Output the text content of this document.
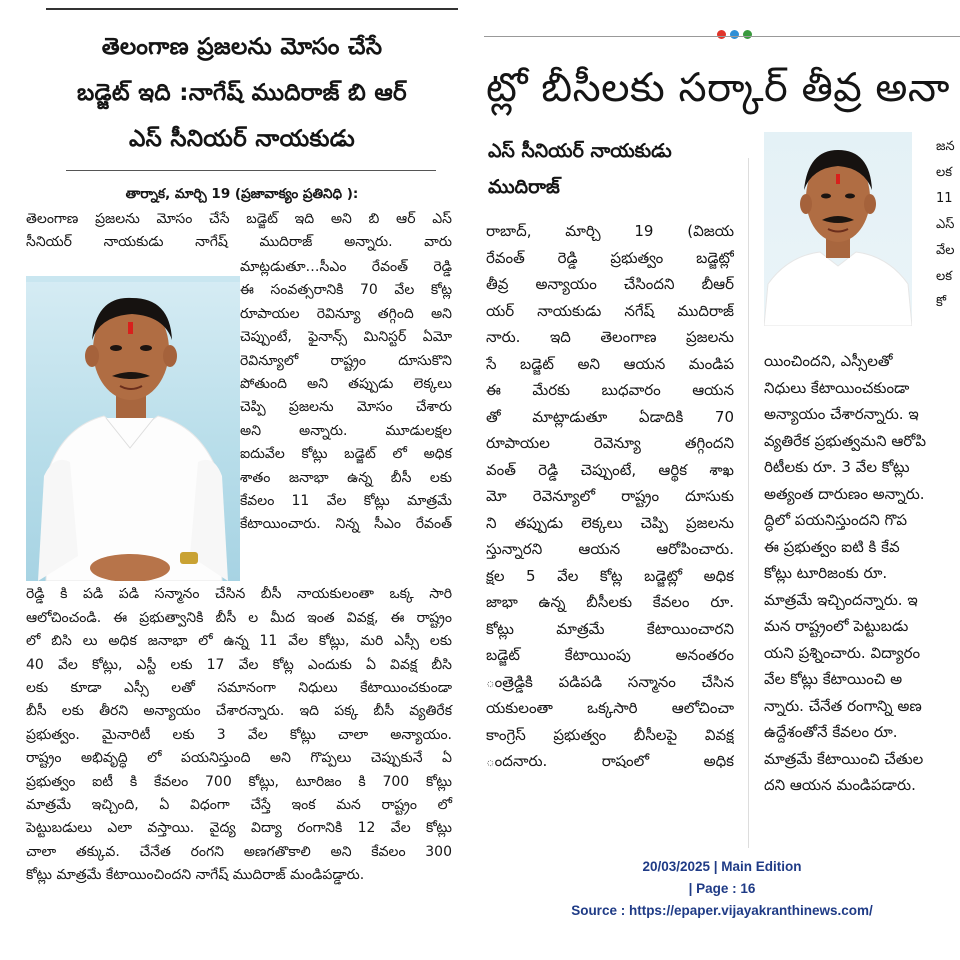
తెలంగాణ ప్రజలను మోసం చేసే
బడ్జెట్ ఇది :నాగేష్ ముదిరాజ్ బి ఆర్
ఎస్ సీనియర్ నాయకుడు
తార్నాక, మార్చి 19 (ప్రజావాక్యం ప్రతినిధి ):
తెలంగాణ ప్రజలను మోసం చేసే బడ్జెట్ ఇది అని బి ఆర్ ఎస్
సీనియర్ నాయకుడు నాగేష్ ముదిరాజ్ అన్నారు. వారు
మాట్లడుతూ…సీఎం రేవంత్ రెడ్డి
ఈ సంవత్సరానికి 70 వేల కోట్ల
రూపాయల రెవిన్యూ తగ్గింది అని
చెప్పుంటే, ఫైనాన్స్ మినిస్టర్ ఏమో
రెవిన్యూలో రాష్ట్రం దూసుకొని
పోతుంది అని తప్పుడు లెక్కలు
చెప్పి ప్రజలను మోసం చేశారు
అని అన్నారు. మూడులక్షల
ఐదువేల కోట్లు బడ్జెట్ లో అధిక
శాతం జనాభా ఉన్న బీసీ లకు
కేవలం 11 వేల కోట్లు మాత్రమే
కేటాయించారు. నిన్న సీఎం రేవంత్
రెడ్డి కి పడి పడి సన్మానం చేసిన బీసీ నాయకులంతా ఒక్క సారి
ఆలోచించండి. ఈ ప్రభుత్వానికి బీసీ ల మీద ఇంత వివక్ష, ఈ రాష్ట్రం
లో బిసి లు అధిక జనాభా లో ఉన్న 11 వేల కోట్లు, మరి ఎస్సీ లకు
40 వేల కోట్లు, ఎస్టీ లకు 17 వేల కోట్ల ఎందుకు ఏ వివక్ష బీసి
లకు కూడా ఎస్సీ లతో సమానంగా నిధులు కేటాయించకుండా
బీసీ లకు తీరని అన్యాయం చేశారన్నారు. ఇది పక్క బీసీ వ్యతిరేక
ప్రభుత్వం. మైనారిటీ లకు 3 వేల కోట్లు చాలా అన్యాయం.
రాష్ట్రం అభివృద్ధి లో పయనిస్తుంది అని గొప్పలు చెప్పుకునే ఏ
ప్రభుత్వం ఐటీ కి కేవలం 700 కోట్లు, టూరిజం కి 700 కోట్లు
మాత్రమే ఇచ్చింది, ఏ విధంగా చేస్తే ఇంక మన రాష్ట్రం లో
పెట్టుబడులు ఎలా వస్తాయి. వైద్య విద్యా రంగానికి 12 వేల కోట్లు
చాలా తక్కువ. చేనేత రంగని అణగతొకాలి అని కేవలం 300
కోట్లు మాత్రమే కేటాయించిందని నాగేష్ ముదిరాజ్ మండిపడ్డారు.
ట్లో బీసీలకు సర్కార్ తీవ్ర అనా
ఎస్ సీనియర్ నాయకుడు
ముదిరాజ్
రాబాద్, మార్చి 19 (విజయ
రేవంత్ రెడ్డి ప్రభుత్వం బడ్జెట్లో
తీవ్ర అన్యాయం చేసిందని బీఆర్
యర్ నాయకుడు నగేష్ ముదిరాజ్
నారు. ఇది తెలంగాణ ప్రజలను
సే బడ్జెట్ అని ఆయన మండిప
ఈ మేరకు బుధవారం ఆయన
తో మాట్లాడుతూ ఏడాదికి 70
రూపాయల రెవెన్యూ తగ్గిందని
వంత్ రెడ్డి చెప్పుంటే, ఆర్థిక శాఖ
మో రెవెన్యూలో రాష్ట్రం దూసుకు
ని తప్పుడు లెక్కలు చెప్పి ప్రజలను
స్తున్నారని ఆయన ఆరోపించారు.
క్షల 5 వేల కోట్ల బడ్జెట్లో అధిక
జాభా ఉన్న బీసీలకు కేవలం రూ.
కోట్లు మాత్రమే కేటాయించారని
బడ్జెట్ కేటాయింపు అనంతరం
ంత్రెడ్డికి పడిపడి సన్మానం చేసిన
యకులంతా ఒక్కసారి ఆలోచించా
కాంగ్రెస్ ప్రభుత్వం బీసీలపై వివక్ష
ందనారు. రాషంలో అధిక
జన
లక
11
ఎస్
వేల
లక
కో
యించిందని, ఎస్సీలతో
నిధులు కేటాయించకుండా
అన్యాయం చేశారన్నారు. ఇ
వ్యతిరేక ప్రభుత్వమని ఆరోపి
రిటీలకు రూ. 3 వేల కోట్లు
అత్యంత దారుణం అన్నారు.
ద్ధిలో పయనిస్తుందని గొప
ఈ ప్రభుత్వం ఐటి కి కేవ
కోట్లు టూరిజంకు రూ.
మాత్రమే ఇచ్చిందన్నారు. ఇ
మన రాష్ట్రంలో పెట్టుబడు
యని ప్రశ్నించారు. విద్యారం
వేల కోట్లు కేటాయించి అ
న్నారు. చేనేత రంగాన్ని అణ
ఉద్దేశంతోనే కేవలం రూ.
మాత్రమే కేటాయించి చేతుల
దని ఆయన మండిపడారు.
20/03/2025 | Main Edition
| Page : 16
Source : https://epaper.vijayakranthinews.com/
